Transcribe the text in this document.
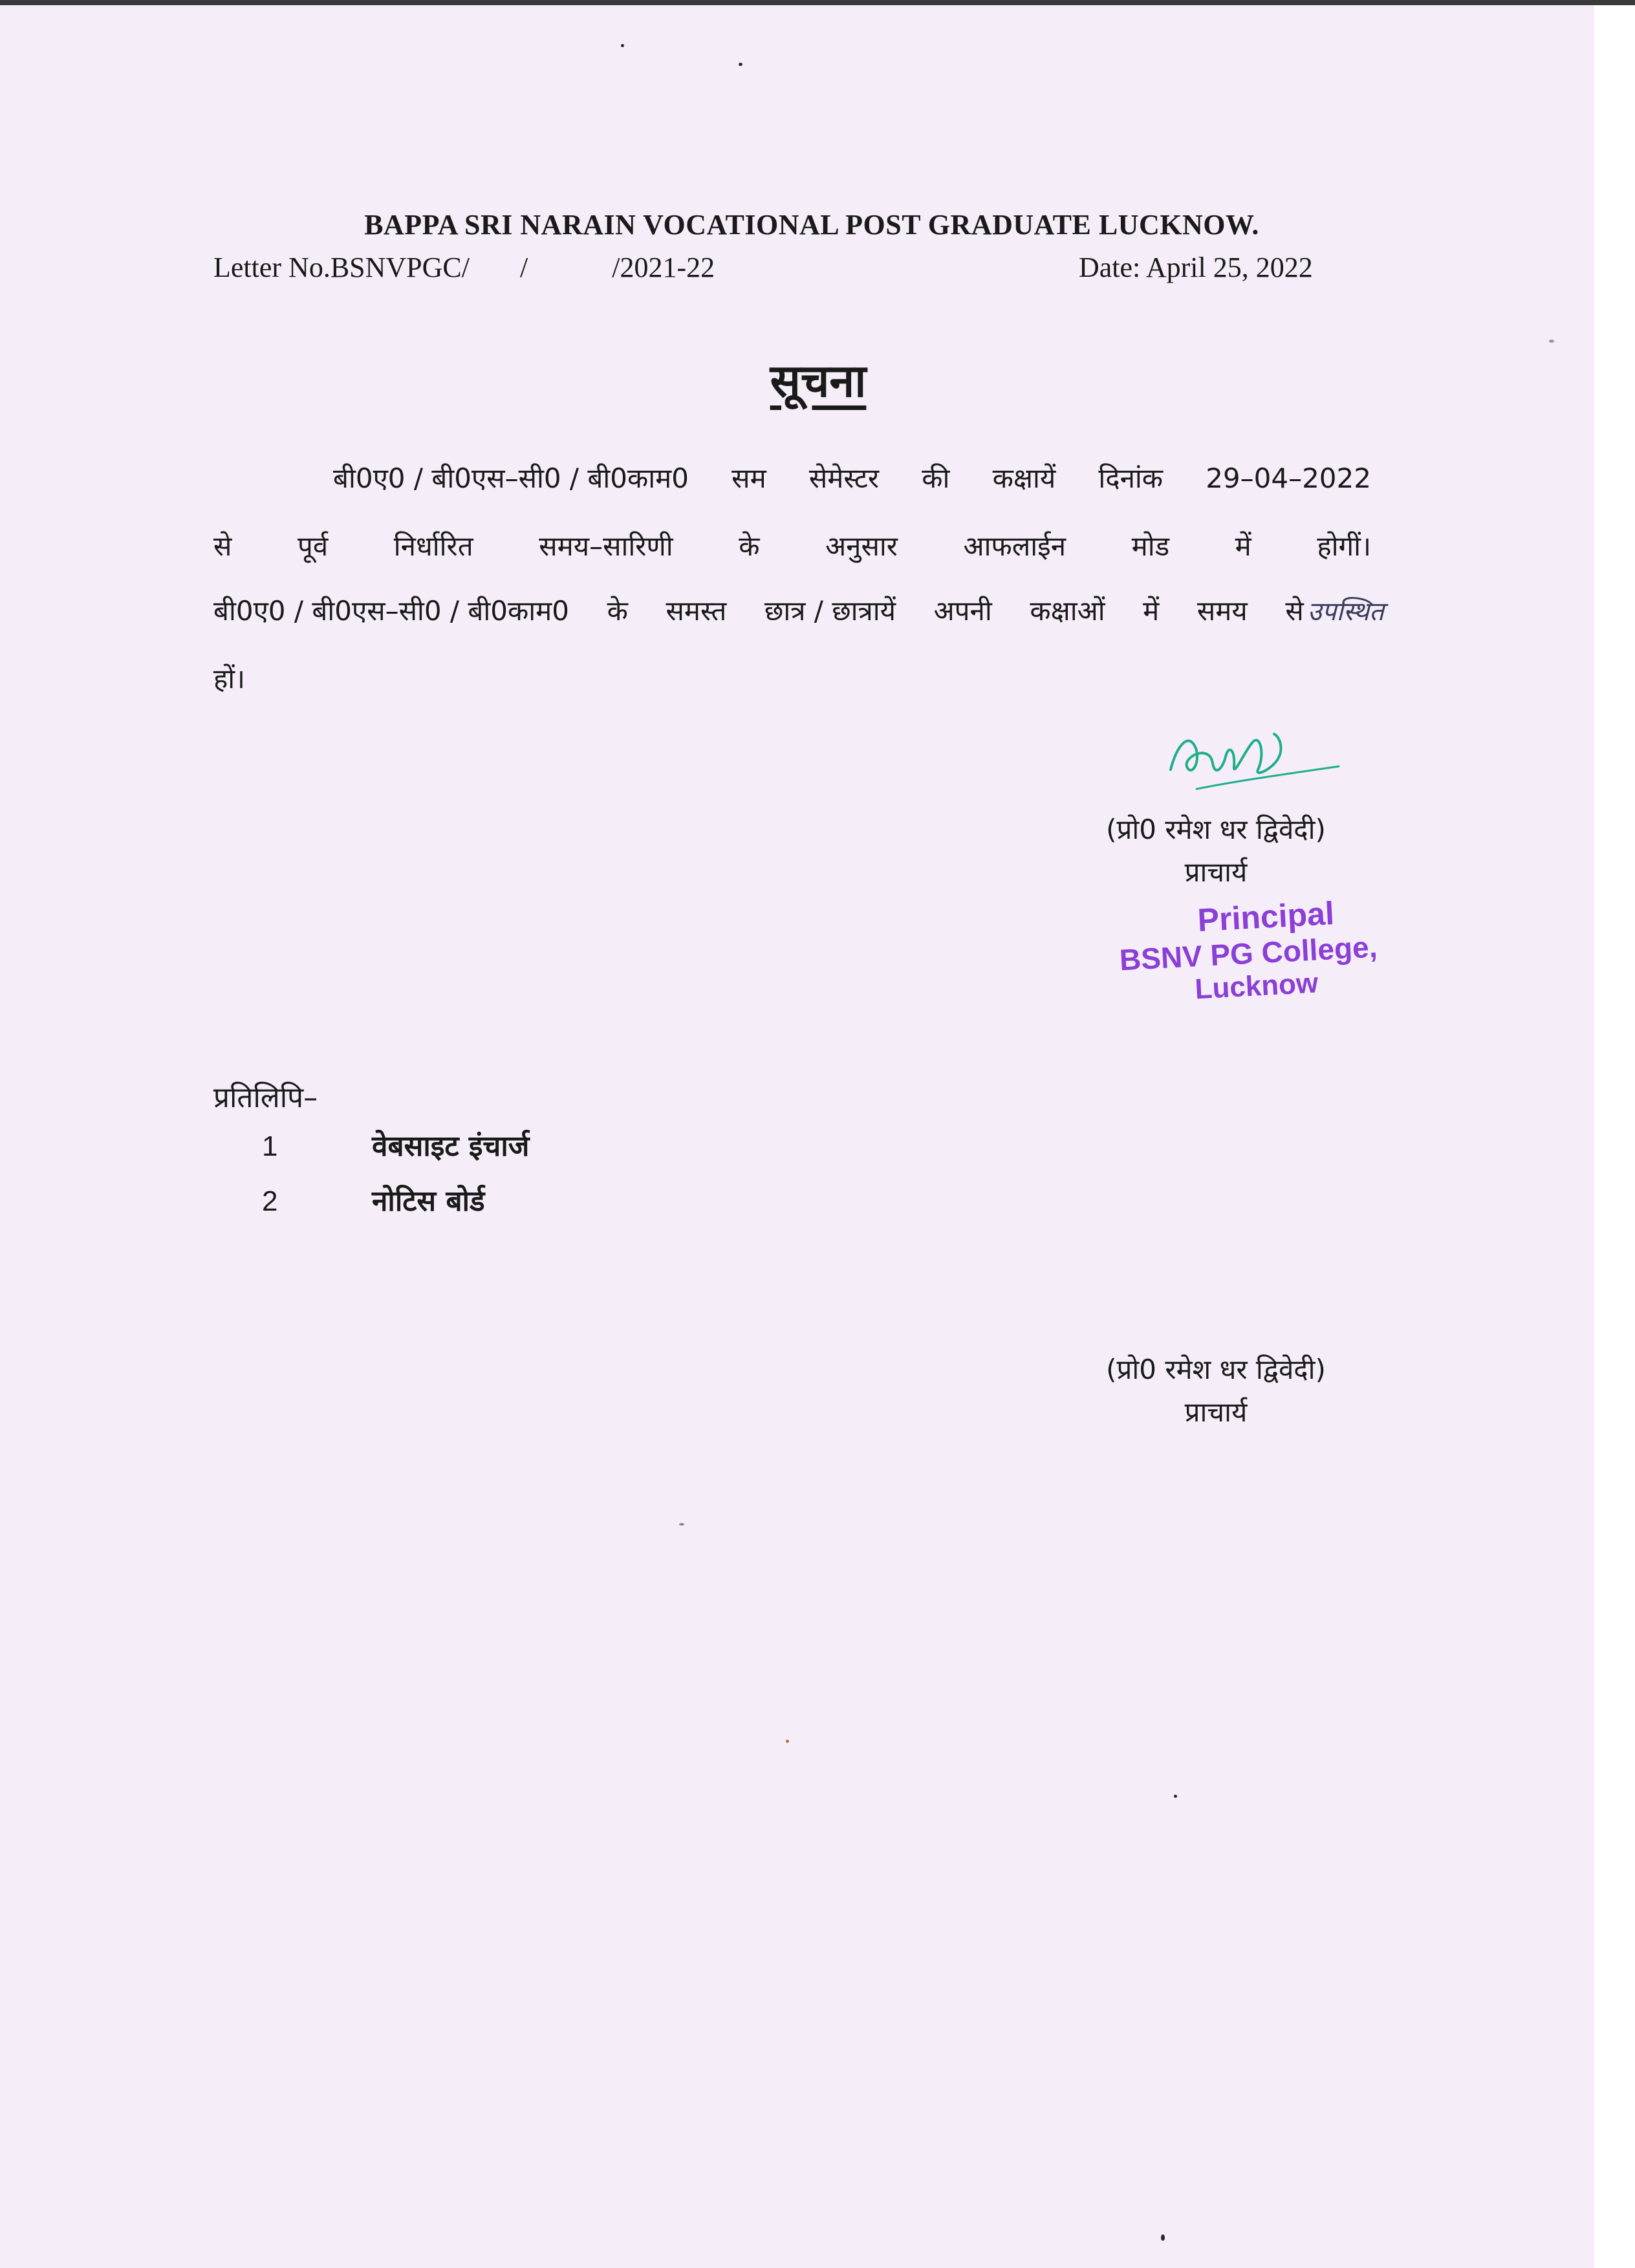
BAPPA SRI NARAIN VOCATIONAL POST GRADUATE LUCKNOW.
Letter No.BSNVPGC/ /	/2021-22	Date: April 25, 2022
सूचना
बी0ए0 / बी0एस–सी0 / बी0काम0 सम सेमेस्टर की कक्षायें दिनांक 29–04–2022
से पूर्व निर्धारित समय–सारिणी के अनुसार आफलाईन मोड में होगीं।
बी0ए0 / बी0एस–सी0 / बी0काम0 के समस्त छात्र / छात्रायें अपनी कक्षाओं में समय से उपस्थित
हों।
(प्रो0 रमेश धर द्विवेदी)
प्राचार्य
Principal
BSNV PG College,
Lucknow
प्रतिलिपि–
1	वेबसाइट इंचार्ज
2	नोटिस बोर्ड
(प्रो0 रमेश धर द्विवेदी)
प्राचार्य
